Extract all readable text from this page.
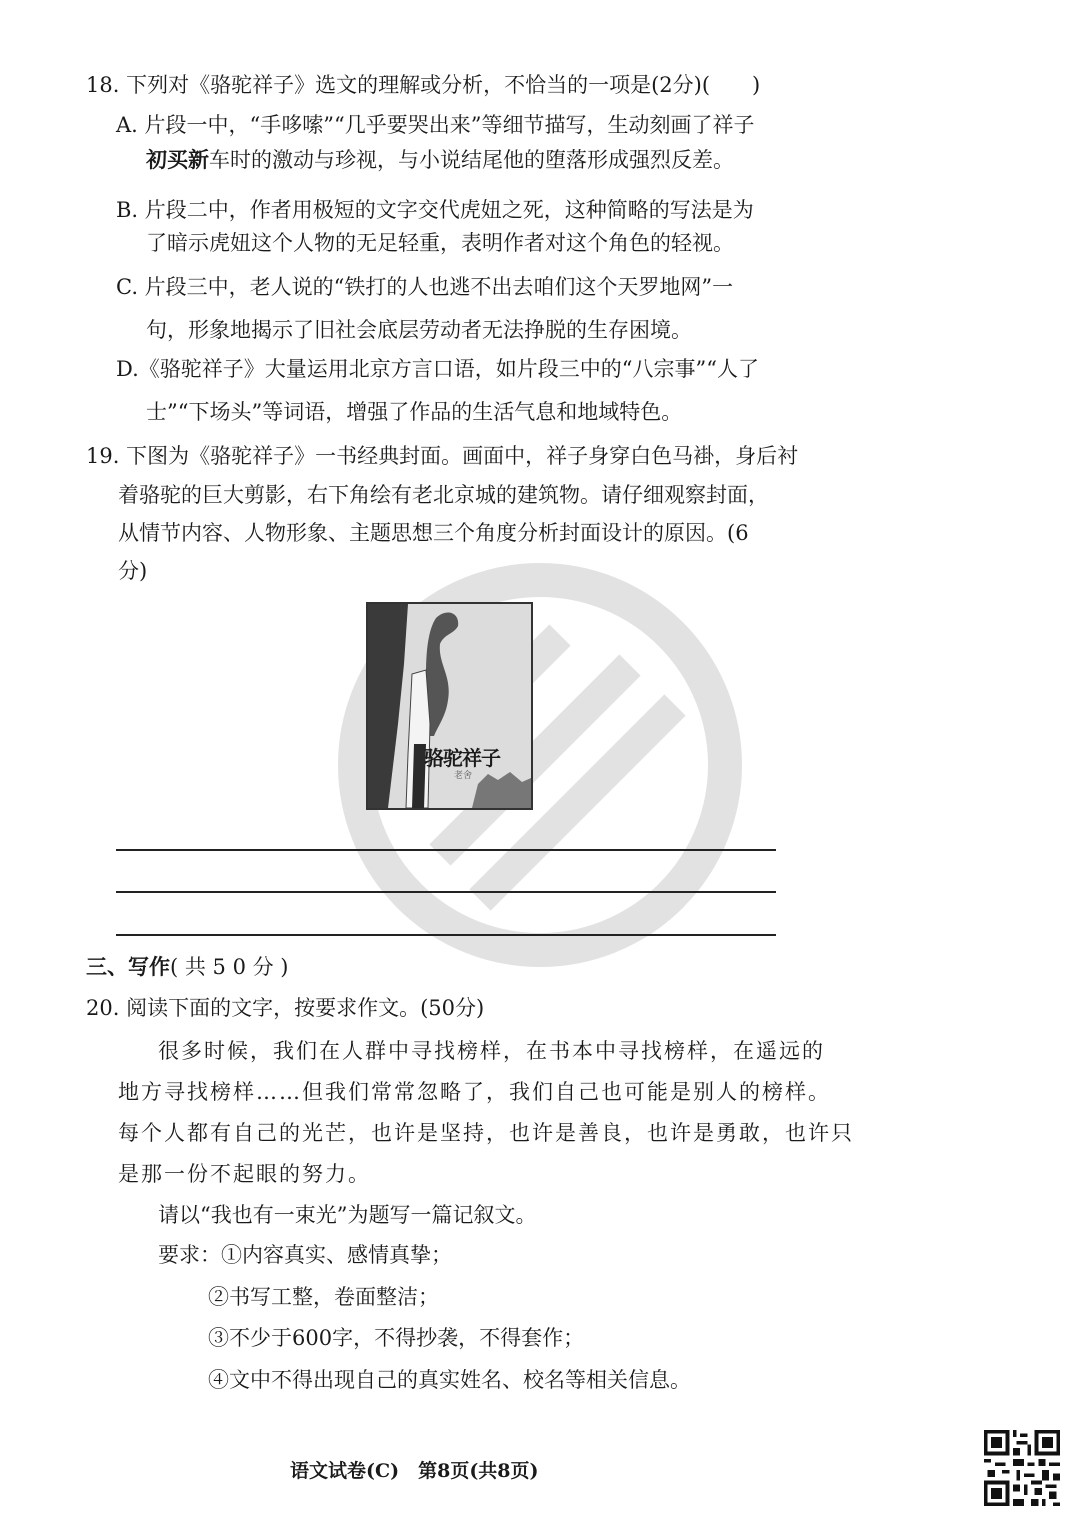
18. 下列对《骆驼祥子》选文的理解或分析，不恰当的一项是(2分)(　　)
A. 片段一中，“手哆嗦”“几乎要哭出来”等细节描写，生动刻画了祥子
初买新车时的激动与珍视，与小说结尾他的堕落形成强烈反差。
B. 片段二中，作者用极短的文字交代虎妞之死，这种简略的写法是为
了暗示虎妞这个人物的无足轻重，表明作者对这个角色的轻视。
C. 片段三中，老人说的“铁打的人也逃不出去咱们这个天罗地网”一
句，形象地揭示了旧社会底层劳动者无法挣脱的生存困境。
D.《骆驼祥子》大量运用北京方言口语，如片段三中的“八宗事”“人了
士”“下场头”等词语，增强了作品的生活气息和地域特色。
19. 下图为《骆驼祥子》一书经典封面。画面中，祥子身穿白色马褂，身后衬
着骆驼的巨大剪影，右下角绘有老北京城的建筑物。请仔细观察封面，
从情节内容、人物形象、主题思想三个角度分析封面设计的原因。(6
分)
骆驼祥子
老舍
三、写作( 共 5 0 分 )
20. 阅读下面的文字，按要求作文。(50分)
很多时候，我们在人群中寻找榜样，在书本中寻找榜样，在遥远的
地方寻找榜样……但我们常常忽略了，我们自己也可能是别人的榜样。
每个人都有自己的光芒，也许是坚持，也许是善良，也许是勇敢，也许只
是那一份不起眼的努力。
请以“我也有一束光”为题写一篇记叙文。
要求：①内容真实、感情真挚；
②书写工整，卷面整洁；
③不少于600字，不得抄袭，不得套作；
④文中不得出现自己的真实姓名、校名等相关信息。
语文试卷(C)　第8页(共8页)
